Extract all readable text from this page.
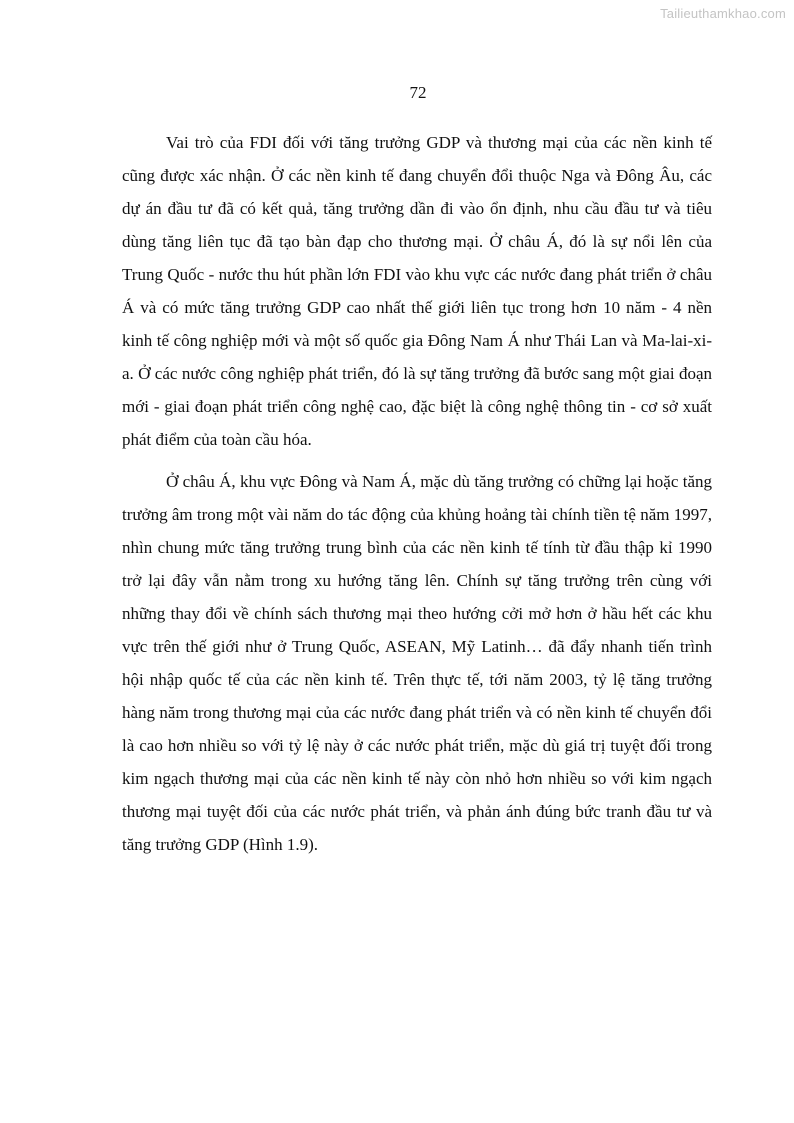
Tailieuthamkhao.com
72

Vai trò của FDI đối với tăng trưởng GDP và thương mại của các nền kinh tế cũng được xác nhận. Ở các nền kinh tế đang chuyển đổi thuộc Nga và Đông Âu, các dự án đầu tư đã có kết quả, tăng trưởng dần đi vào ổn định, nhu cầu đầu tư và tiêu dùng tăng liên tục đã tạo bàn đạp cho thương mại. Ở châu Á, đó là sự nổi lên của Trung Quốc - nước thu hút phần lớn FDI vào khu vực các nước đang phát triển ở châu Á và có mức tăng trưởng GDP cao nhất thế giới liên tục trong hơn 10 năm - 4 nền kinh tế công nghiệp mới và một số quốc gia Đông Nam Á như Thái Lan và Ma-lai-xi-a. Ở các nước công nghiệp phát triển, đó là sự tăng trưởng đã bước sang một giai đoạn mới - giai đoạn phát triển công nghệ cao, đặc biệt là công nghệ thông tin - cơ sở xuất phát điểm của toàn cầu hóa.

Ở châu Á, khu vực Đông và Nam Á, mặc dù tăng trưởng có chững lại hoặc tăng trưởng âm trong một vài năm do tác động của khủng hoảng tài chính tiền tệ năm 1997, nhìn chung mức tăng trưởng trung bình của các nền kinh tế tính từ đầu thập kỉ 1990 trở lại đây vẫn nằm trong xu hướng tăng lên. Chính sự tăng trưởng trên cùng với những thay đổi về chính sách thương mại theo hướng cởi mở hơn ở hầu hết các khu vực trên thế giới như ở Trung Quốc, ASEAN, Mỹ Latinh… đã đẩy nhanh tiến trình hội nhập quốc tế của các nền kinh tế. Trên thực tế, tới năm 2003, tỷ lệ tăng trưởng hàng năm trong thương mại của các nước đang phát triển và có nền kinh tế chuyển đổi là cao hơn nhiều so với tỷ lệ này ở các nước phát triển, mặc dù giá trị tuyệt đối trong kim ngạch thương mại của các nền kinh tế này còn nhỏ hơn nhiều so với kim ngạch thương mại tuyệt đối của các nước phát triển, và phản ánh đúng bức tranh đầu tư và tăng trưởng GDP (Hình 1.9).
